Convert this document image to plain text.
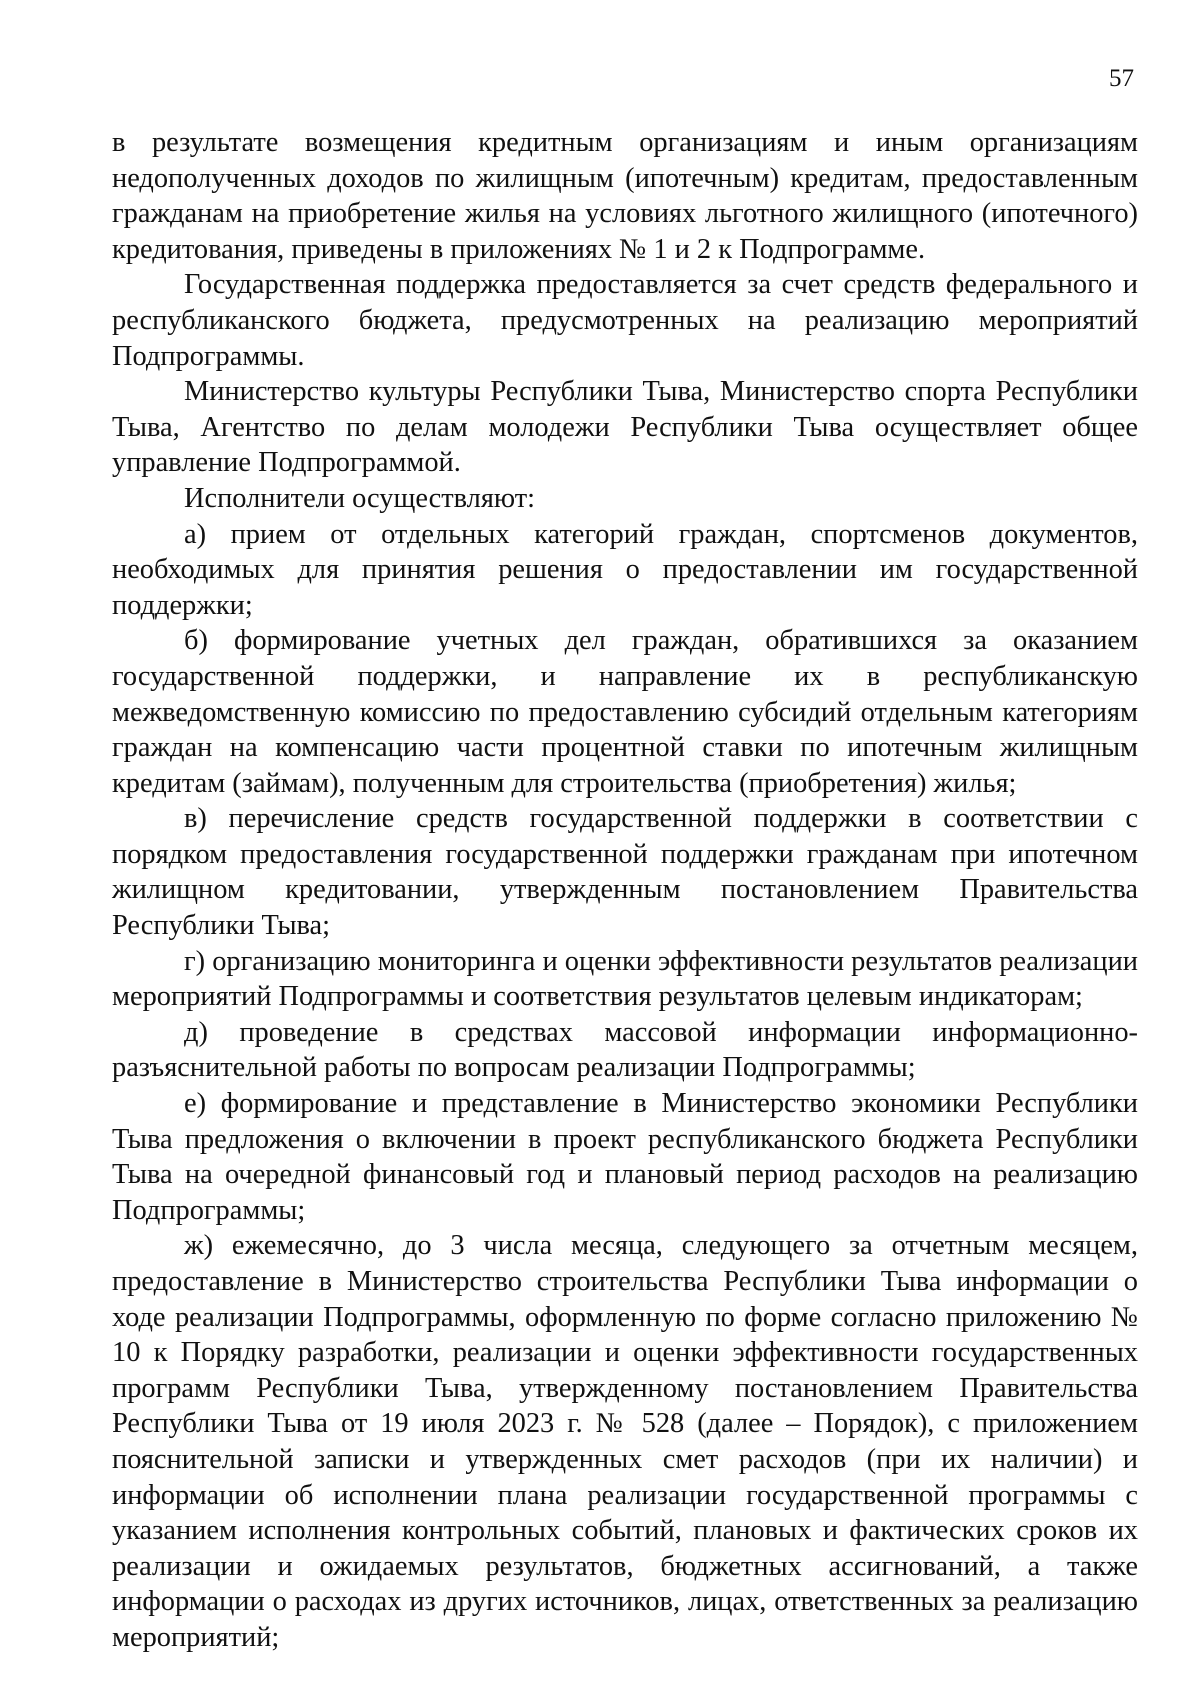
57

в результате возмещения кредитным организациям и иным организациям недополученных доходов по жилищным (ипотечным) кредитам, предоставленным гражданам на приобретение жилья на условиях льготного жилищного (ипотечного) кредитования, приведены в приложениях № 1 и 2 к Подпрограмме.

Государственная поддержка предоставляется за счет средств федерального и республиканского бюджета, предусмотренных на реализацию мероприятий Подпрограммы.

Министерство культуры Республики Тыва, Министерство спорта Республики Тыва, Агентство по делам молодежи Республики Тыва осуществляет общее управление Подпрограммой.

Исполнители осуществляют:

а) прием от отдельных категорий граждан, спортсменов документов, необходимых для принятия решения о предоставлении им государственной поддержки;

б) формирование учетных дел граждан, обратившихся за оказанием государственной поддержки, и направление их в республиканскую межведомственную комиссию по предоставлению субсидий отдельным категориям граждан на компенсацию части процентной ставки по ипотечным жилищным кредитам (займам), полученным для строительства (приобретения) жилья;

в) перечисление средств государственной поддержки в соответствии с порядком предоставления государственной поддержки гражданам при ипотечном жилищном кредитовании, утвержденным постановлением Правительства Республики Тыва;

г) организацию мониторинга и оценки эффективности результатов реализации мероприятий Подпрограммы и соответствия результатов целевым индикаторам;

д) проведение в средствах массовой информации информационно-разъяснительной работы по вопросам реализации Подпрограммы;

е) формирование и представление в Министерство экономики Республики Тыва предложения о включении в проект республиканского бюджета Республики Тыва на очередной финансовый год и плановый период расходов на реализацию Подпрограммы;

ж) ежемесячно, до 3 числа месяца, следующего за отчетным месяцем, предоставление в Министерство строительства Республики Тыва информации о ходе реализации Подпрограммы, оформленную по форме согласно приложению № 10 к Порядку разработки, реализации и оценки эффективности государственных программ Республики Тыва, утвержденному постановлением Правительства Республики Тыва от 19 июля 2023 г. № 528 (далее – Порядок), с приложением пояснительной записки и утвержденных смет расходов (при их наличии) и информации об исполнении плана реализации государственной программы с указанием исполнения контрольных событий, плановых и фактических сроков их реализации и ожидаемых результатов, бюджетных ассигнований, а также информации о расходах из других источников, лицах, ответственных за реализацию мероприятий;
